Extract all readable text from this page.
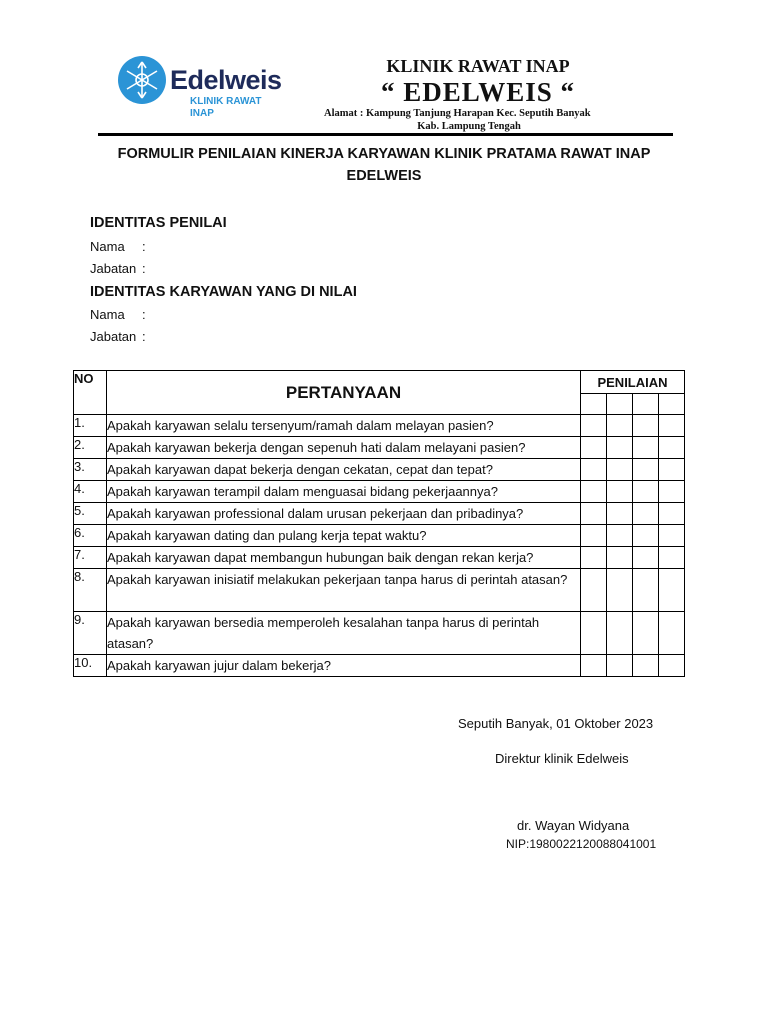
Edelweis
KLINIK RAWAT INAP
KLINIK RAWAT INAP
“ EDELWEIS “
Alamat : Kampung Tanjung Harapan Kec. Seputih Banyak
Kab. Lampung Tengah
FORMULIR PENILAIAN KINERJA KARYAWAN KLINIK PRATAMA RAWAT INAP EDELWEIS
IDENTITAS PENILAI
Nama :
Jabatan :
IDENTITAS KARYAWAN YANG DI NILAI
Nama :
Jabatan :
NO	PERTANYAAN	PENILAIAN			

1.	Apakah karyawan selalu tersenyum/ramah dalam melayan pasien?				
2.	Apakah karyawan bekerja dengan sepenuh hati dalam melayani pasien?				
3.	Apakah karyawan dapat bekerja dengan cekatan, cepat dan tepat?				
4.	Apakah karyawan terampil dalam menguasai bidang pekerjaannya?				
5.	Apakah karyawan professional dalam urusan pekerjaan dan pribadinya?				
6.	Apakah karyawan dating dan pulang kerja tepat waktu?				
7.	Apakah karyawan dapat membangun hubungan baik dengan rekan kerja?				
8.	Apakah karyawan inisiatif melakukan pekerjaan tanpa harus di perintah atasan?				
9.	Apakah karyawan bersedia memperoleh kesalahan tanpa harus di perintah atasan?				
10.	Apakah karyawan jujur dalam bekerja?				
Seputih Banyak, 01 Oktober 2023
Direktur klinik Edelweis
dr. Wayan Widyana
NIP:198002212008804100​1
